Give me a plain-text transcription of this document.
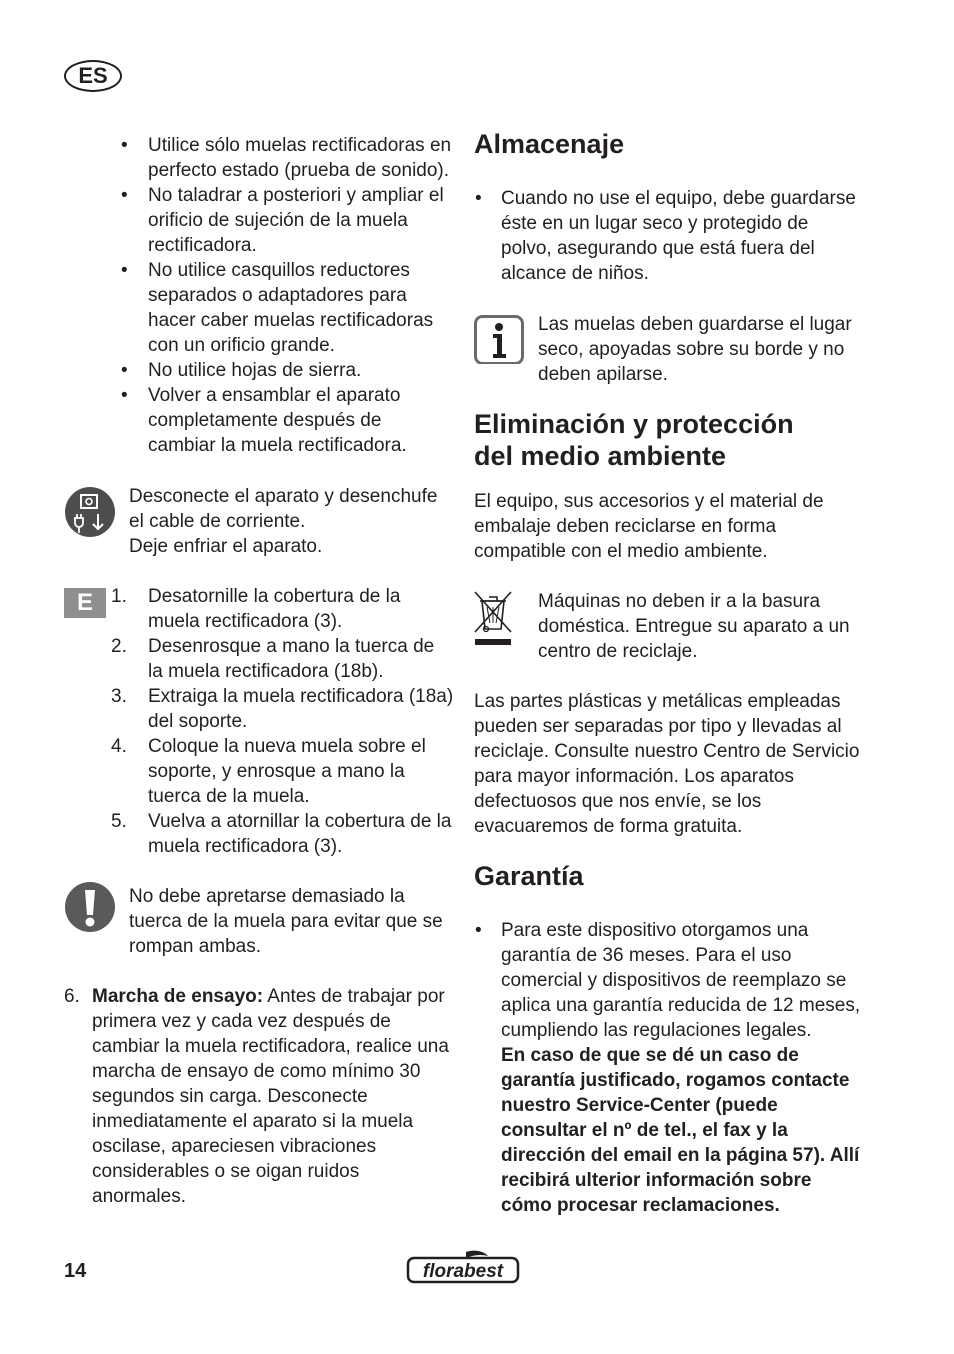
ES
• Utilice sólo muelas rectificadoras en perfecto estado (prueba de sonido).
• No taladrar a posteriori y ampliar el orificio de sujeción de la muela rectificadora.
• No utilice casquillos reductores separados o adaptadores para hacer caber muelas rectificadoras con un orificio grande.
• No utilice hojas de sierra.
• Volver a ensamblar el aparato completamente después de cambiar la muela rectificadora.

Desconecte el aparato y desenchufe el cable de corriente.

Deje enfriar el aparato.

E 1. Desatornille la cobertura de la muela rectificadora (3).
2. Desenrosque a mano la tuerca de la muela rectificadora (18b).
3. Extraiga la muela rectificadora (18a) del soporte.
4. Coloque la nueva muela sobre el soporte, y enrosque a mano la tuerca de la muela.
5. Vuelva a atornillar la cobertura de la muela rectificadora (3).

No debe apretarse demasiado la tuerca de la muela para evitar que se rompan ambas.

6. Marcha de ensayo: Antes de trabajar por primera vez y cada vez después de cambiar la muela rectificadora, realice una marcha de ensayo de como mínimo 30 segundos sin carga. Desconecte inmediatamente el aparato si la muela oscilase, apareciesen vibraciones considerables o se oigan ruidos anormales.
Almacenaje
• Cuando no use el equipo, debe guardarse éste en un lugar seco y protegido de polvo, asegurando que está fuera del alcance de niños.

Las muelas deben guardarse el lugar seco, apoyadas sobre su borde y no deben apilarse.

Eliminación y protección
del medio ambiente

El equipo, sus accesorios y el material de embalaje deben reciclarse en forma compatible con el medio ambiente.

Máquinas no deben ir a la basura doméstica. Entregue su aparato a un centro de reciclaje.

Las partes plásticas y metálicas empleadas pueden ser separadas por tipo y llevadas al reciclaje. Consulte nuestro Centro de Servicio para mayor información. Los aparatos defectuosos que nos envíe, se los evacuaremos de forma gratuita.

Garantía
• Para este dispositivo otorgamos una garantía de 36 meses. Para el uso comercial y dispositivos de reemplazo se aplica una garantía reducida de 12 meses, cumpliendo las regulaciones legales.
En caso de que se dé un caso de garantía justificado, rogamos contacte nuestro Service-Center (puede consultar el nº de tel., el fax y la dirección del email en la página 57). Allí recibirá ulterior información sobre cómo procesar reclamaciones.
14	florabest
